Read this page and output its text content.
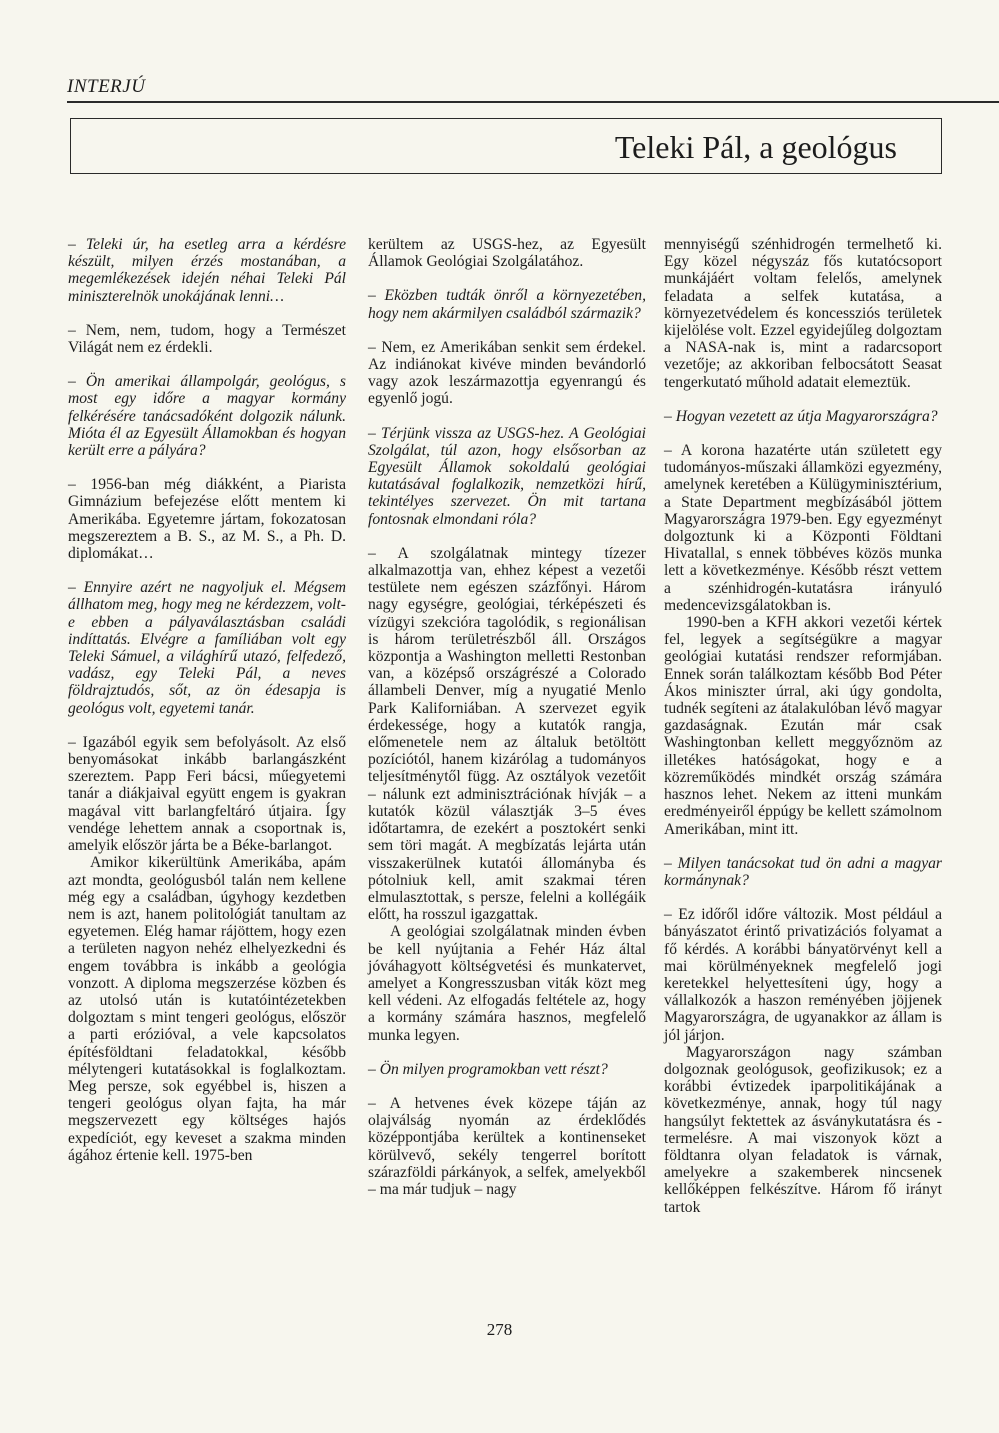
INTERJÚ
Teleki Pál, a geológus

– Teleki úr, ha esetleg arra a kérdésre készült, milyen érzés mostanában, a megemlékezések idején néhai Teleki Pál miniszterelnök unokájának lenni…

– Nem, nem, tudom, hogy a Természet Világát nem ez érdekli.

– Ön amerikai állampolgár, geológus, s most egy időre a magyar kormány felkérésére tanácsadóként dolgozik nálunk. Mióta él az Egyesült Államokban és hogyan került erre a pályára?

– 1956-ban még diákként, a Piarista Gimnázium befejezése előtt mentem ki Amerikába. Egyetemre jártam, fokozatosan megszereztem a B. S., az M. S., a Ph. D. diplomákat…

– Ennyire azért ne nagyoljuk el. Mégsem állhatom meg, hogy meg ne kérdezzem, volt-e ebben a pályaválasztásban családi indíttatás. Elvégre a famíliában volt egy Teleki Sámuel, a világhírű utazó, felfedező, vadász, egy Teleki Pál, a neves földrajztudós, sőt, az ön édesapja is geológus volt, egyetemi tanár.

– Igazából egyik sem befolyásolt. Az első benyomásokat inkább barlangászként szereztem. Papp Feri bácsi, műegyetemi tanár a diákjaival együtt engem is gyakran magával vitt barlangfeltáró útjaira. Így vendége lehettem annak a csoportnak is, amelyik először járta be a Béke-barlangot.

Amikor kikerültünk Amerikába, apám azt mondta, geológusból talán nem kellene még egy a családban, úgyhogy kezdetben nem is azt, hanem politológiát tanultam az egyetemen. Elég hamar rájöttem, hogy ezen a területen nagyon nehéz elhelyezkedni és engem továbbra is inkább a geológia vonzott. A diploma megszerzése közben és az utolsó után is kutatóintézetekben dolgoztam s mint tengeri geológus, először a parti erózióval, a vele kapcsolatos építésföldtani feladatokkal, később mélytengeri kutatásokkal is foglalkoztam. Meg persze, sok egyébbel is, hiszen a tengeri geológus olyan fajta, ha már megszervezett egy költséges hajós expedíciót, egy keveset a szakma minden ágához értenie kell. 1975-ben

kerültem az USGS-hez, az Egyesült Államok Geológiai Szolgálatához.

– Eközben tudták önről a környezetében, hogy nem akármilyen családból származik?

– Nem, ez Amerikában senkit sem érdekel. Az indiánokat kivéve minden bevándorló vagy azok leszármazottja egyenrangú és egyenlő jogú.

– Térjünk vissza az USGS-hez. A Geológiai Szolgálat, túl azon, hogy elsősorban az Egyesült Államok sokoldalú geológiai kutatásával foglalkozik, nemzetközi hírű, tekintélyes szervezet. Ön mit tartana fontosnak elmondani róla?

– A szolgálatnak mintegy tízezer alkalmazottja van, ehhez képest a vezetői testülete nem egészen százfőnyi. Három nagy egységre, geológiai, térképészeti és vízügyi szekcióra tagolódik, s regionálisan is három területrészből áll. Országos központja a Washington melletti Restonban van, a középső országrészé a Colorado állambeli Denver, míg a nyugatié Menlo Park Kaliforniában. A szervezet egyik érdekessége, hogy a kutatók rangja, előmenetele nem az általuk betöltött pozíciótól, hanem kizárólag a tudományos teljesítménytől függ. Az osztályok vezetőit – nálunk ezt adminisztrációnak hívják – a kutatók közül választják 3–5 éves időtartamra, de ezekért a posztokért senki sem töri magát. A megbízatás lejárta után visszakerülnek kutatói állományba és pótolniuk kell, amit szakmai téren elmulasztottak, s persze, felelni a kollégáik előtt, ha rosszul igazgattak.

A geológiai szolgálatnak minden évben be kell nyújtania a Fehér Ház által jóváhagyott költségvetési és munkatervet, amelyet a Kongresszusban viták közt meg kell védeni. Az elfogadás feltétele az, hogy a kormány számára hasznos, megfelelő munka legyen.

– Ön milyen programokban vett részt?

– A hetvenes évek közepe táján az olajválság nyomán az érdeklődés középpontjába kerültek a kontinenseket körülvevő, sekély tengerrel borított szárazföldi párkányok, a selfek, amelyekből – ma már tudjuk – nagy

mennyiségű szénhidrogén termelhető ki. Egy közel négyszáz fős kutatócsoport munkájáért voltam felelős, amelynek feladata a selfek kutatása, a környezetvédelem és koncessziós területek kijelölése volt. Ezzel egyidejűleg dolgoztam a NASA-nak is, mint a radarcsoport vezetője; az akkoriban felbocsátott Seasat tengerkutató műhold adatait elemeztük.

– Hogyan vezetett az útja Magyarországra?

– A korona hazatérte után született egy tudományos-műszaki államközi egyezmény, amelynek keretében a Külügyminisztérium, a State Department megbízásából jöttem Magyarországra 1979-ben. Egy egyezményt dolgoztunk ki a Központi Földtani Hivatallal, s ennek többéves közös munka lett a következménye. Később részt vettem a szénhidrogén-kutatásra irányuló medencevizsgálatokban is.

1990-ben a KFH akkori vezetői kértek fel, legyek a segítségükre a magyar geológiai kutatási rendszer reformjában. Ennek során találkoztam később Bod Péter Ákos miniszter úrral, aki úgy gondolta, tudnék segíteni az átalakulóban lévő magyar gazdaságnak. Ezután már csak Washingtonban kellett meggyőznöm az illetékes hatóságokat, hogy e a közreműködés mindkét ország számára hasznos lehet. Nekem az itteni munkám eredményeiről éppúgy be kellett számolnom Amerikában, mint itt.

– Milyen tanácsokat tud ön adni a magyar kormánynak?

– Ez időről időre változik. Most például a bányászatot érintő privatizációs folyamat a fő kérdés. A korábbi bányatörvényt kell a mai körülményeknek megfelelő jogi keretekkel helyettesíteni úgy, hogy a vállalkozók a haszon reményében jöjjenek Magyarországra, de ugyanakkor az állam is jól járjon.

Magyarországon nagy számban dolgoznak geológusok, geofizikusok; ez a korábbi évtizedek iparpolitikájának a következménye, annak, hogy túl nagy hangsúlyt fektettek az ásványkutatásra és -termelésre. A mai viszonyok közt a földtanra olyan feladatok is várnak, amelyekre a szakemberek nincsenek kellőképpen felkészítve. Három fő irányt tartok

278
